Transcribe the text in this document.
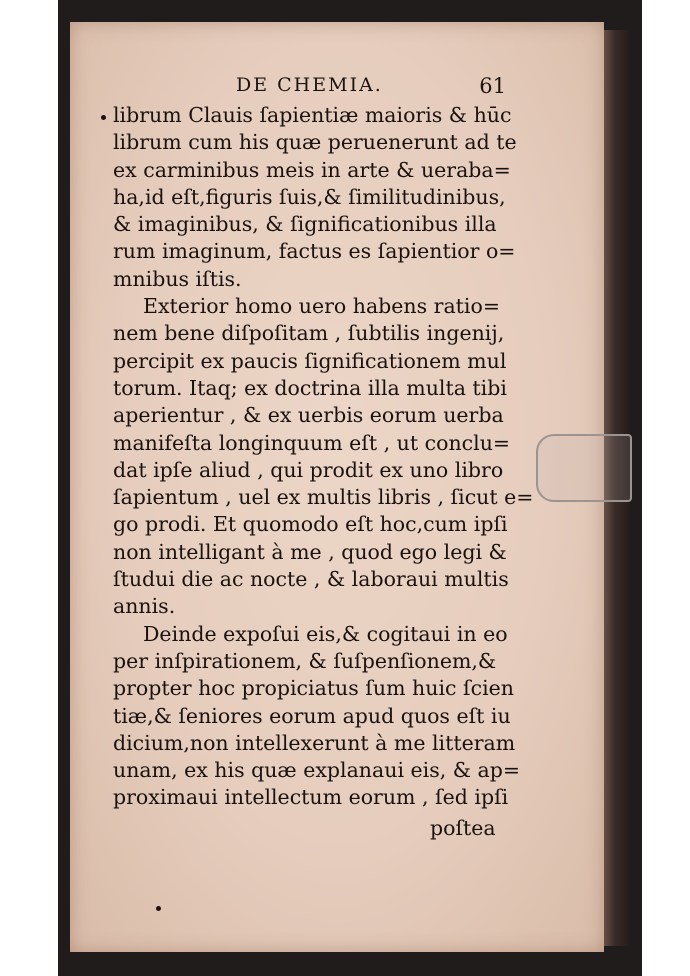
DE CHEMIA.	61
librum Clauis ſapientiæ maioris & hūc
librum cum his quæ peruenerunt ad te
ex carminibus meis in arte & ueraba=
ha,id eſt,figuris ſuis,& ſimilitudinibus,
& imaginibus, & ſignificationibus illa
rum imaginum, factus es ſapientior o=
mnibus iſtis.
Exterior homo uero habens ratio=
nem bene diſpoſitam , ſubtilis ingenij,
percipit ex paucis ſignificationem mul
torum. Itaq; ex doctrina illa multa tibi
aperientur , & ex uerbis eorum uerba
manifeſta longinquum eſt , ut conclu=
dat ipſe aliud , qui prodit ex uno libro
ſapientum , uel ex multis libris , ſicut e=
go prodi. Et quomodo eſt hoc,cum ipſi
non intelligant à me , quod ego legi &
ſtudui die ac nocte , & laboraui multis
annis.
Deinde expoſui eis,& cogitaui in eo
per inſpirationem, & ſuſpenſionem,&
propter hoc propiciatus ſum huic ſcien
tiæ,& ſeniores eorum apud quos eſt iu
dicium,non intellexerunt à me litteram
unam, ex his quæ explanaui eis, & ap=
proximaui intellectum eorum , ſed ipſi
poſtea
